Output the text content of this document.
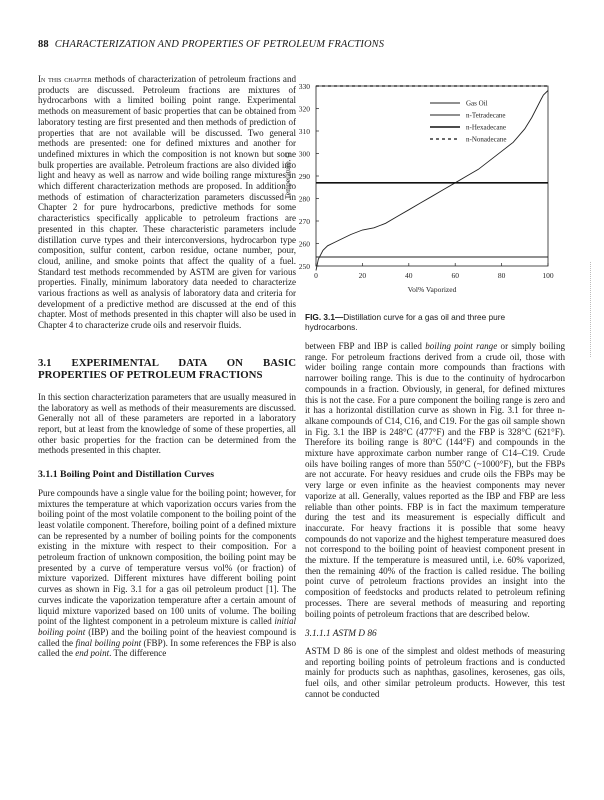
88 CHARACTERIZATION AND PROPERTIES OF PETROLEUM FRACTIONS
250
260
270
280
290
300
310
320
330
0	20	40	60	80	100
Vol% Vaporized
Temperature, C
Gas Oil
n-Tetradecane
n-Hexadecane
n-Nonadecane
FIG. 3.1—Distillation curve for a gas oil and three pure hydrocarbons.

In this chapter methods of characterization of petroleum fractions and products are discussed. Petroleum fractions are mixtures of hydrocarbons with a limited boiling point range. Experimental methods on measurement of basic properties that can be obtained from laboratory testing are first presented and then methods of prediction of properties that are not available will be discussed. Two general methods are presented: one for defined mixtures and another for undefined mixtures in which the composition is not known but some bulk properties are available. Petroleum fractions are also divided into light and heavy as well as narrow and wide boiling range mixtures in which different characterization methods are proposed. In addition to methods of estimation of characterization parameters discussed in Chapter 2 for pure hydrocarbons, predictive methods for some characteristics specifically applicable to petroleum fractions are presented in this chapter. These characteristic parameters include distillation curve types and their interconversions, hydrocarbon type composition, sulfur content, carbon residue, octane number, pour, cloud, aniline, and smoke points that affect the quality of a fuel. Standard test methods recommended by ASTM are given for various properties. Finally, minimum laboratory data needed to characterize various fractions as well as analysis of laboratory data and criteria for development of a predictive method are discussed at the end of this chapter. Most of methods presented in this chapter will also be used in Chapter 4 to characterize crude oils and reservoir fluids.

3.1 EXPERIMENTAL DATA ON BASIC PROPERTIES OF PETROLEUM FRACTIONS

In this section characterization parameters that are usually measured in the laboratory as well as methods of their measurements are discussed. Generally not all of these parameters are reported in a laboratory report, but at least from the knowledge of some of these properties, all other basic properties for the fraction can be determined from the methods presented in this chapter.

3.1.1 Boiling Point and Distillation Curves

Pure compounds have a single value for the boiling point; however, for mixtures the temperature at which vaporization occurs varies from the boiling point of the most volatile component to the boiling point of the least volatile component. Therefore, boiling point of a defined mixture can be represented by a number of boiling points for the components existing in the mixture with respect to their composition. For a petroleum fraction of unknown composition, the boiling point may be presented by a curve of temperature versus vol% (or fraction) of mixture vaporized. Different mixtures have different boiling point curves as shown in Fig. 3.1 for a gas oil petroleum product [1]. The curves indicate the vaporization temperature after a certain amount of liquid mixture vaporized based on 100 units of volume. The boiling point of the lightest component in a petroleum mixture is called initial boiling point (IBP) and the boiling point of the heaviest compound is called the final boiling point (FBP). In some references the FBP is also called the end point. The difference

between FBP and IBP is called boiling point range or simply boiling range. For petroleum fractions derived from a crude oil, those with wider boiling range contain more compounds than fractions with narrower boiling range. This is due to the continuity of hydrocarbon compounds in a fraction. Obviously, in general, for defined mixtures this is not the case. For a pure component the boiling range is zero and it has a horizontal distillation curve as shown in Fig. 3.1 for three n-alkane compounds of C14, C16, and C19. For the gas oil sample shown in Fig. 3.1 the IBP is 248°C (477°F) and the FBP is 328°C (621°F). Therefore its boiling range is 80°C (144°F) and compounds in the mixture have approximate carbon number range of C14–C19. Crude oils have boiling ranges of more than 550°C (~1000°F), but the FBPs are not accurate. For heavy residues and crude oils the FBPs may be very large or even infinite as the heaviest components may never vaporize at all. Generally, values reported as the IBP and FBP are less reliable than other points. FBP is in fact the maximum temperature during the test and its measurement is especially difficult and inaccurate. For heavy fractions it is possible that some heavy compounds do not vaporize and the highest temperature measured does not correspond to the boiling point of heaviest component present in the mixture. If the temperature is measured until, i.e. 60% vaporized, then the remaining 40% of the fraction is called residue. The boiling point curve of petroleum fractions provides an insight into the composition of feedstocks and products related to petroleum refining processes. There are several methods of measuring and reporting boiling points of petroleum fractions that are described below.

3.1.1.1 ASTM D 86

ASTM D 86 is one of the simplest and oldest methods of measuring and reporting boiling points of petroleum fractions and is conducted mainly for products such as naphthas, gasolines, kerosenes, gas oils, fuel oils, and other similar petroleum products. However, this test cannot be conducted
